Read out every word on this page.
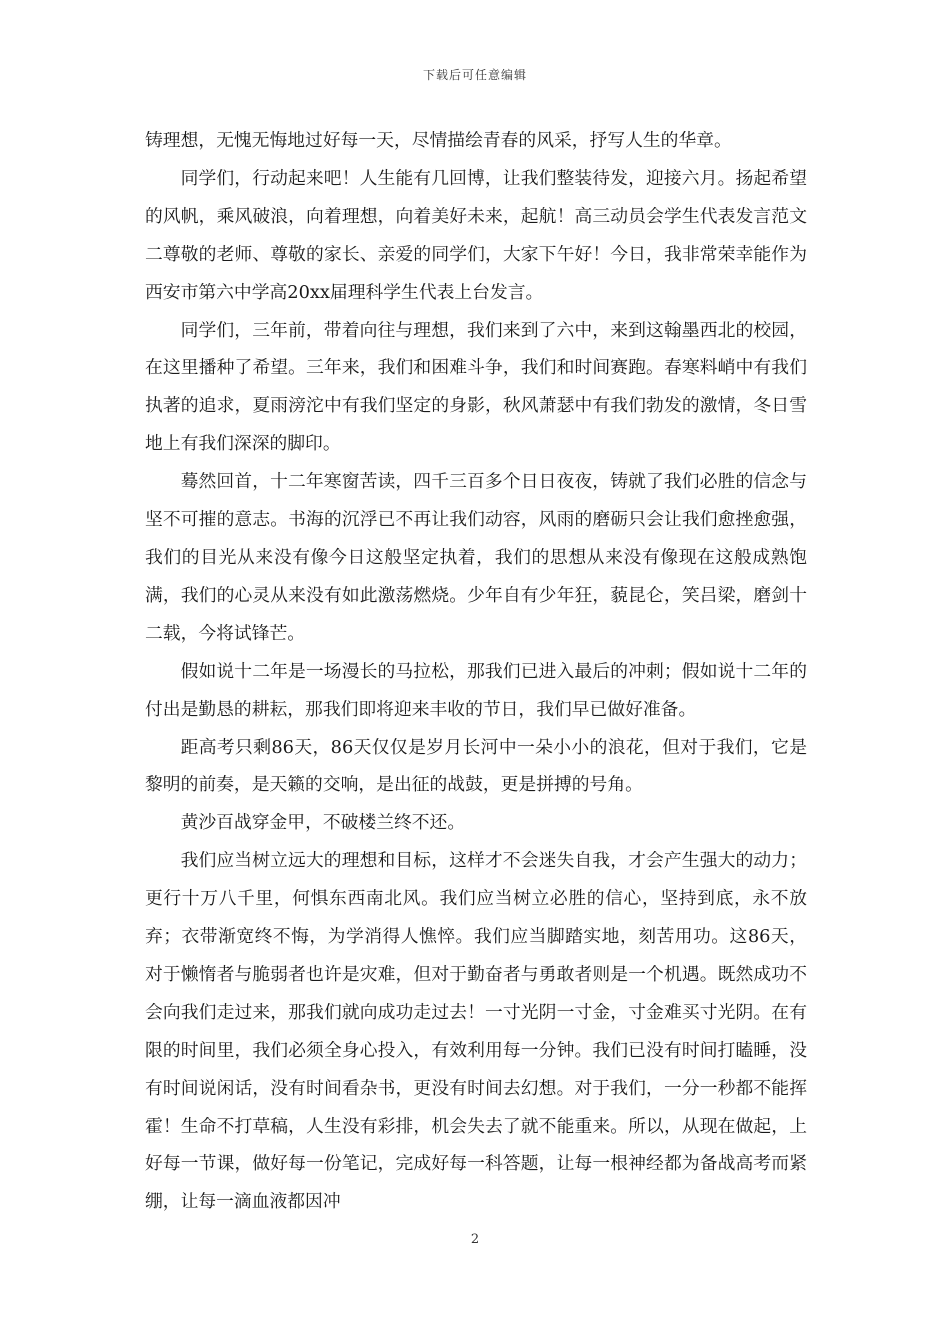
下载后可任意编辑

铸理想，无愧无悔地过好每一天，尽情描绘青春的风采，抒写人生的华章。

同学们，行动起来吧！人生能有几回博，让我们整装待发，迎接六月。扬起希望的风帆，乘风破浪，向着理想，向着美好未来，起航！高三动员会学生代表发言范文二尊敬的老师、尊敬的家长、亲爱的同学们，大家下午好！今日，我非常荣幸能作为西安市第六中学高20xx届理科学生代表上台发言。

同学们，三年前，带着向往与理想，我们来到了六中，来到这翰墨西北的校园，在这里播种了希望。三年来，我们和困难斗争，我们和时间赛跑。春寒料峭中有我们执著的追求，夏雨滂沱中有我们坚定的身影，秋风萧瑟中有我们勃发的激情，冬日雪地上有我们深深的脚印。

蓦然回首，十二年寒窗苦读，四千三百多个日日夜夜，铸就了我们必胜的信念与坚不可摧的意志。书海的沉浮已不再让我们动容，风雨的磨砺只会让我们愈挫愈强，我们的目光从来没有像今日这般坚定执着，我们的思想从来没有像现在这般成熟饱满，我们的心灵从来没有如此激荡燃烧。少年自有少年狂，藐昆仑，笑吕梁，磨剑十二载，今将试锋芒。

假如说十二年是一场漫长的马拉松，那我们已进入最后的冲刺；假如说十二年的付出是勤恳的耕耘，那我们即将迎来丰收的节日，我们早已做好准备。

距高考只剩86天，86天仅仅是岁月长河中一朵小小的浪花，但对于我们，它是黎明的前奏，是天籁的交响，是出征的战鼓，更是拼搏的号角。

黄沙百战穿金甲，不破楼兰终不还。

我们应当树立远大的理想和目标，这样才不会迷失自我，才会产生强大的动力；更行十万八千里，何惧东西南北风。我们应当树立必胜的信心，坚持到底，永不放弃；衣带渐宽终不悔，为学消得人憔悴。我们应当脚踏实地，刻苦用功。这86天，对于懒惰者与脆弱者也许是灾难，但对于勤奋者与勇敢者则是一个机遇。既然成功不会向我们走过来，那我们就向成功走过去！一寸光阴一寸金，寸金难买寸光阴。在有限的时间里，我们必须全身心投入，有效利用每一分钟。我们已没有时间打瞌睡，没有时间说闲话，没有时间看杂书，更没有时间去幻想。对于我们，一分一秒都不能挥霍！生命不打草稿，人生没有彩排，机会失去了就不能重来。所以，从现在做起，上好每一节课，做好每一份笔记，完成好每一科答题，让每一根神经都为备战高考而紧绷，让每一滴血液都因冲

2
